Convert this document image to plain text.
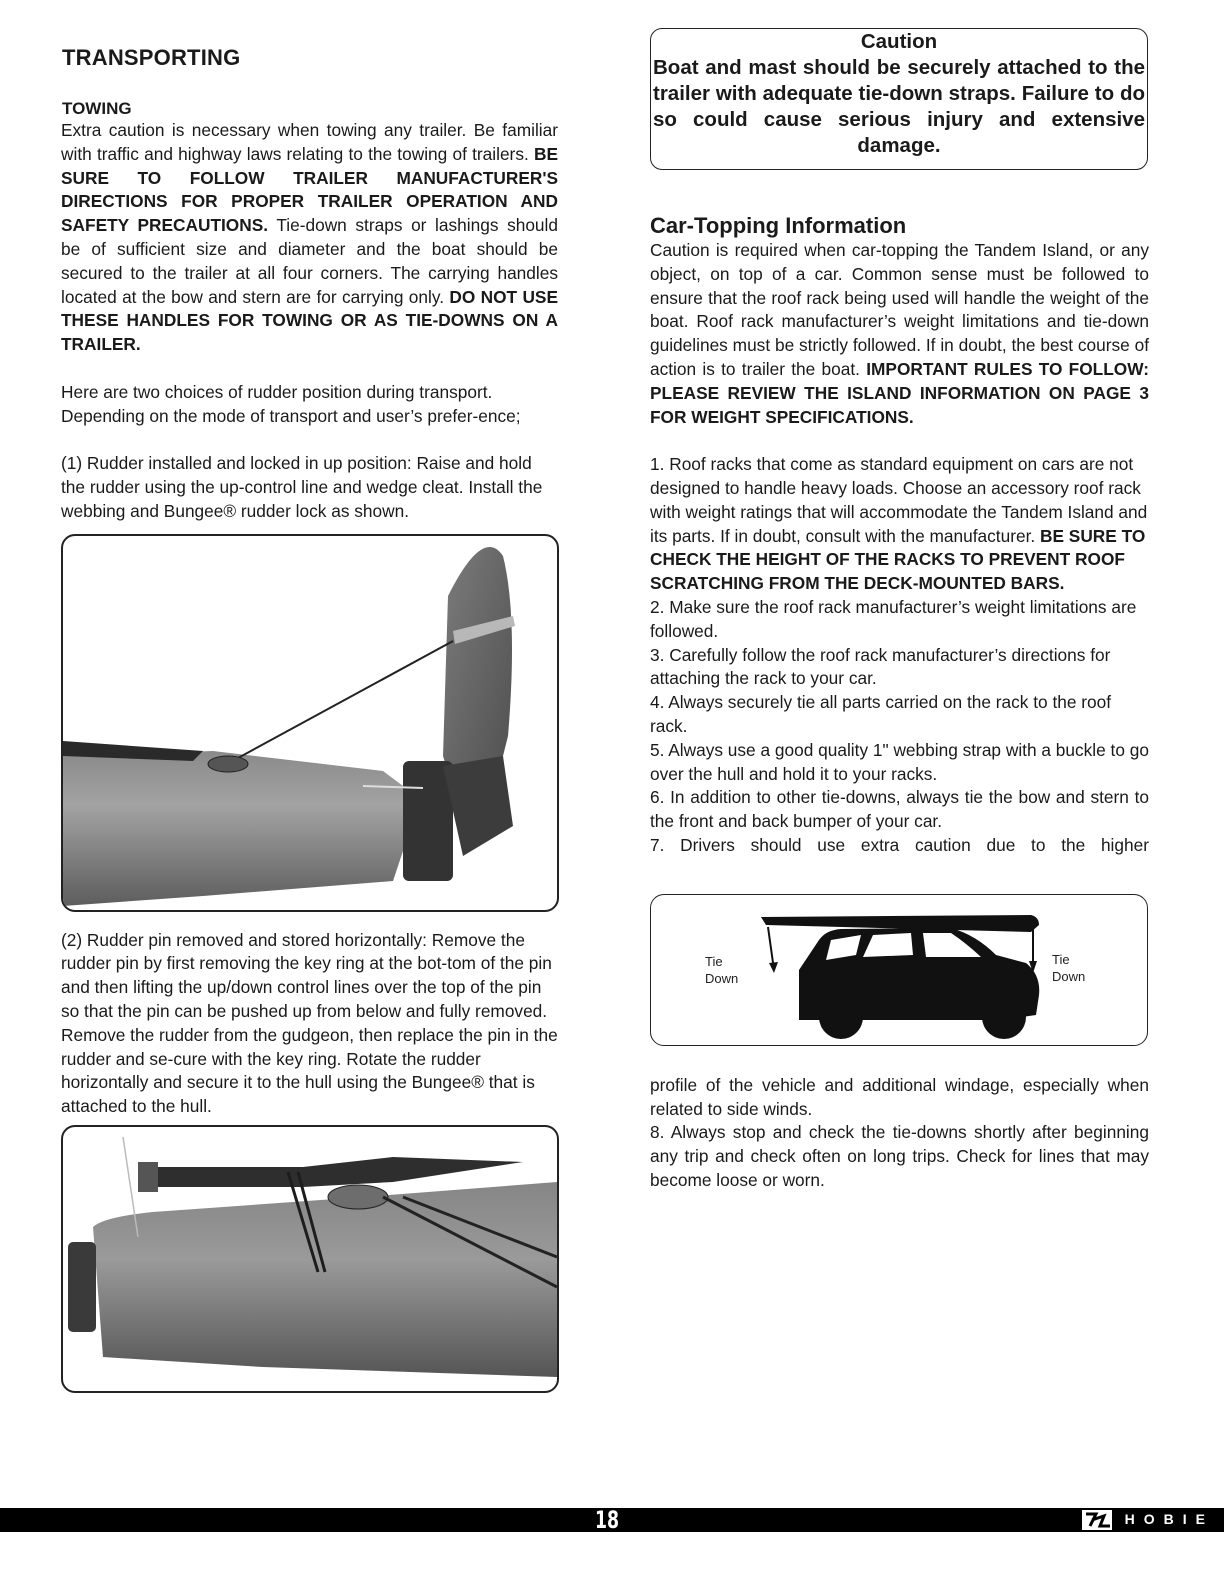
TRANSPORTING
TOWING

Extra caution is necessary when towing any trailer. Be familiar with traffic and highway laws relating to the towing of trailers. BE SURE TO FOLLOW TRAILER MANUFACTURER'S DIRECTIONS FOR PROPER TRAILER OPERATION AND SAFETY PRECAUTIONS. Tie-down straps or lashings should be of sufficient size and diameter and the boat should be secured to the trailer at all four corners. The carrying handles located at the bow and stern are for carrying only. DO NOT USE THESE HANDLES FOR TOWING OR AS TIE-DOWNS ON A TRAILER.

Here are two choices of rudder position during transport. Depending on the mode of transport and user’s prefer-ence;

(1) Rudder installed and locked in up position: Raise and hold the rudder using the up-control line and wedge cleat. Install the webbing and Bungee® rudder lock as shown.

(2) Rudder pin removed and stored horizontally: Remove the rudder pin by first removing the key ring at the bot-tom of the pin and then lifting the up/down control lines over the top of the pin so that the pin can be pushed up from below and fully removed. Remove the rudder from the gudgeon, then replace the pin in the rudder and se-cure with the key ring. Rotate the rudder horizontally and secure it to the hull using the Bungee® that is attached to the hull.

Caution
Boat and mast should be securely attached to the trailer with adequate tie-down straps. Failure to do so could cause serious injury and extensive damage.
Car-Topping Information

Caution is required when car-topping the Tandem Island, or any object, on top of a car. Common sense must be followed to ensure that the roof rack being used will handle the weight of the boat. Roof rack manufacturer’s weight limitations and tie-down guidelines must be strictly followed. If in doubt, the best course of action is to trailer the boat. IMPORTANT RULES TO FOLLOW: PLEASE REVIEW THE ISLAND INFORMATION ON PAGE 3 FOR WEIGHT SPECIFICATIONS.

1. Roof racks that come as standard equipment on cars are not designed to handle heavy loads. Choose an accessory roof rack with weight ratings that will accommodate the Tandem Island and its parts. If in doubt, consult with the manufacturer. BE SURE TO CHECK THE HEIGHT OF THE RACKS TO PREVENT ROOF SCRATCHING FROM THE DECK-MOUNTED BARS.

2. Make sure the roof rack manufacturer’s weight limitations are followed.

3. Carefully follow the roof rack manufacturer’s directions for attaching the rack to your car.

4. Always securely tie all parts carried on the rack to the roof rack.

5. Always use a good quality 1" webbing strap with a buckle to go over the hull and hold it to your racks.

6. In addition to other tie-downs, always tie the bow and stern to the front and back bumper of your car.

7. Drivers should use extra caution due to the higher

Tie
Down
Tie
Down

profile of the vehicle and additional windage, especially when related to side winds.

8. Always stop and check the tie-downs shortly after beginning any trip and check often on long trips. Check for lines that may become loose or worn.

18	HOBIE
